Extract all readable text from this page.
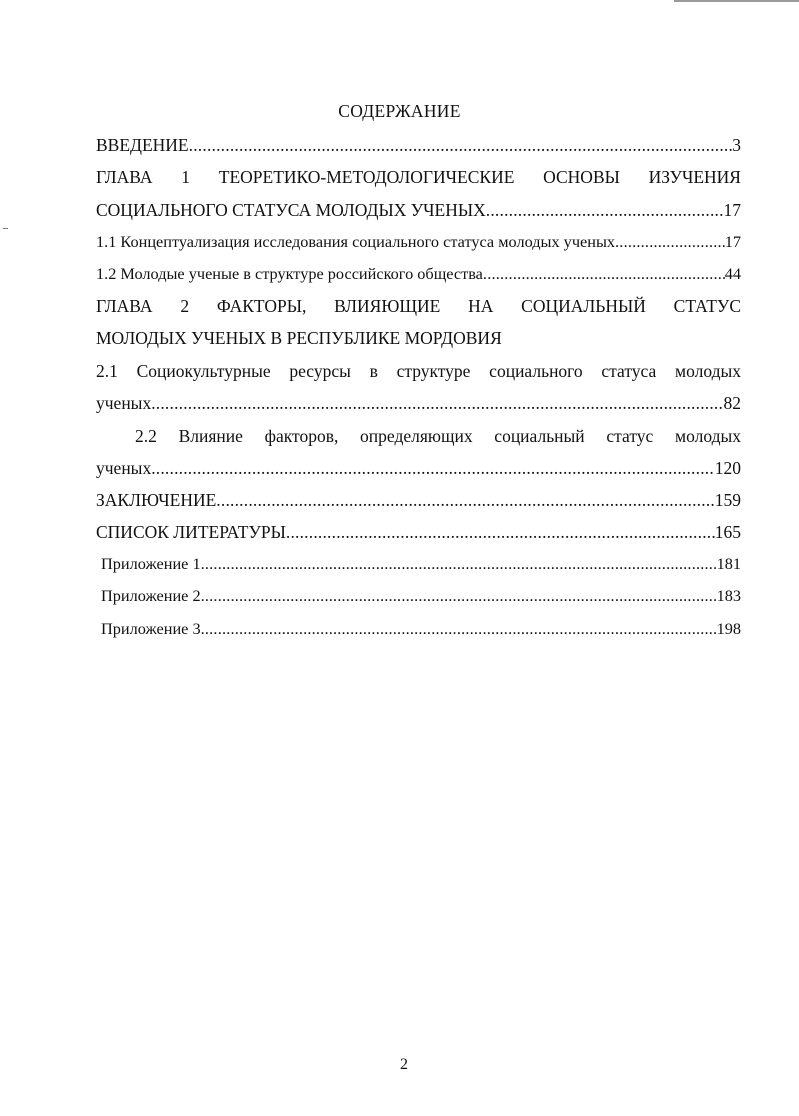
СОДЕРЖАНИЕ
ВВЕДЕНИЕ .....	3
ГЛАВА 1 ТЕОРЕТИКО-МЕТОДОЛОГИЧЕСКИЕ ОСНОВЫ ИЗУЧЕНИЯ
СОЦИАЛЬНОГО СТАТУСА МОЛОДЫХ УЧЕНЫХ .....	17
1.1 Концептуализация исследования социального статуса молодых ученых .....	17
1.2 Молодые ученые в структуре российского общества .....	44
ГЛАВА 2 ФАКТОРЫ, ВЛИЯЮЩИЕ НА СОЦИАЛЬНЫЙ СТАТУС
МОЛОДЫХ УЧЕНЫХ В РЕСПУБЛИКЕ МОРДОВИЯ
2.1 Социокультурные ресурсы в структуре социального статуса молодых
ученых .....	82
2.2 Влияние факторов, определяющих социальный статус молодых
ученых .....	120
ЗАКЛЮЧЕНИЕ .....	159
СПИСОК ЛИТЕРАТУРЫ .....	165
Приложение 1 .....	181
Приложение 2 .....	183
Приложение 3 .....	198
2
